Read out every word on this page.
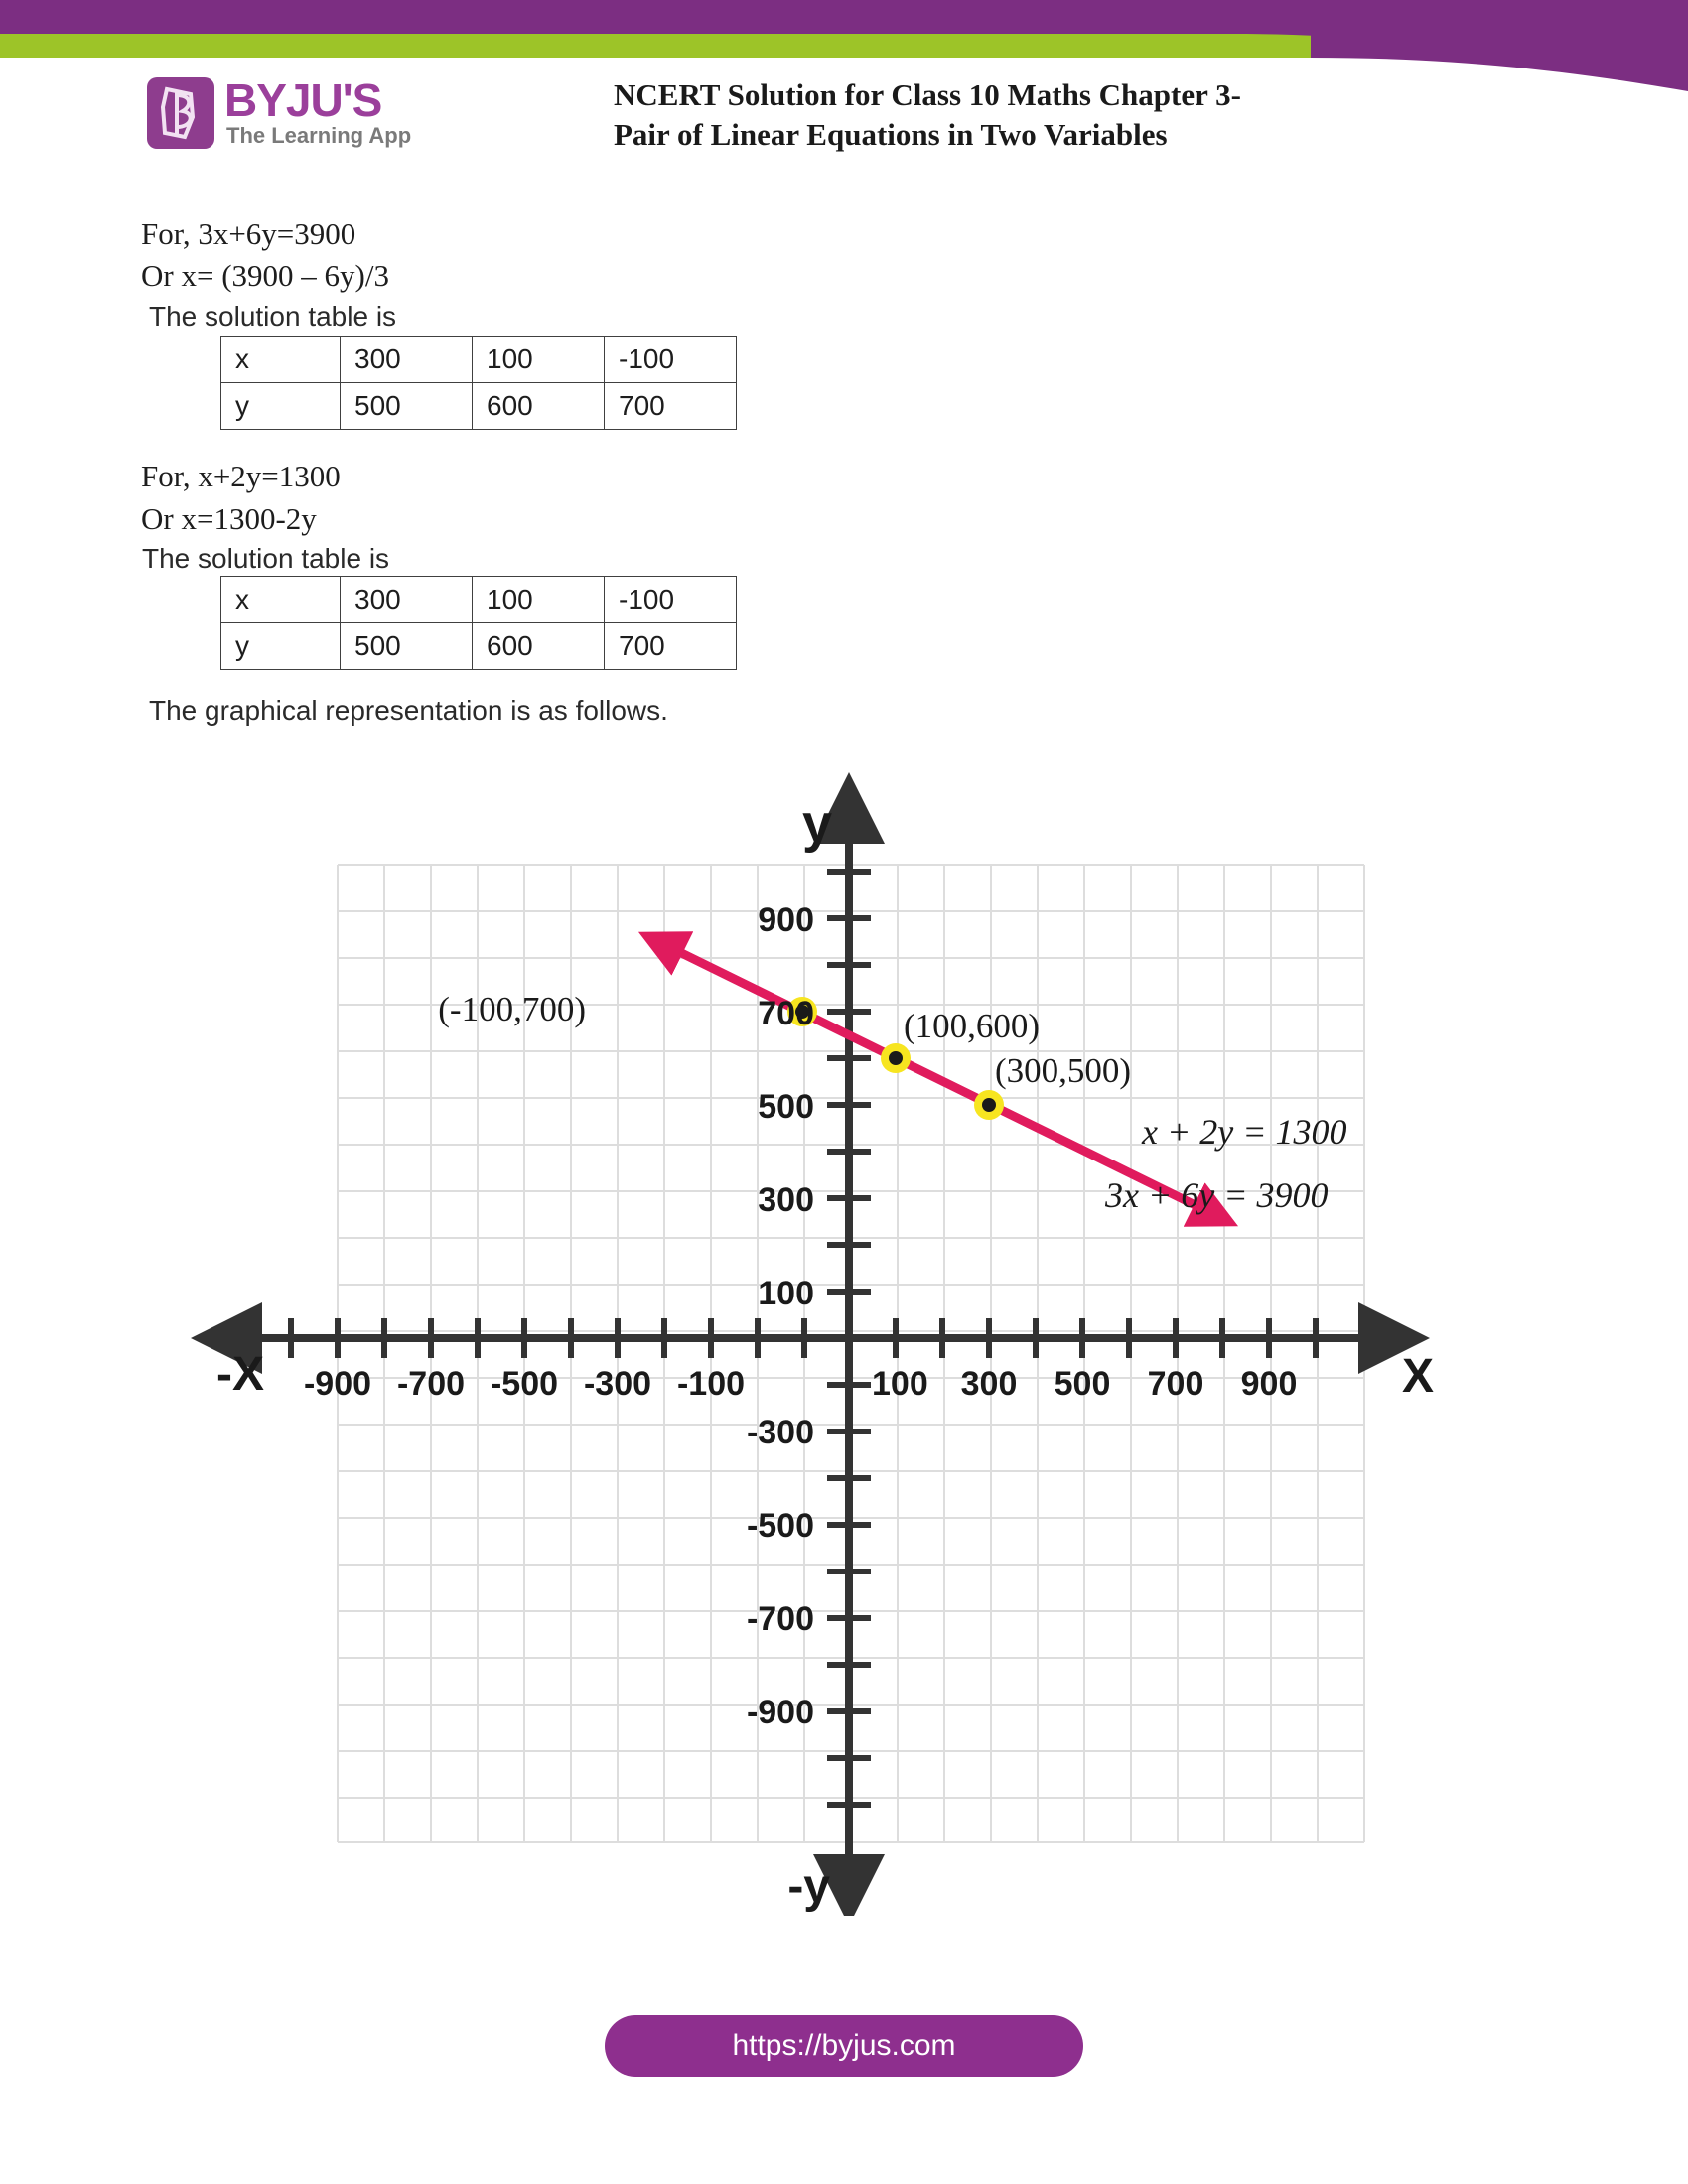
BYJU'S
The Learning App
NCERT Solution for Class 10 Maths Chapter 3-
Pair of Linear Equations in Two Variables
For, 3x+6y=3900
Or x= (3900 – 6y)/3
The solution table is
x	300	100	-100
y	500	600	700
For, x+2y=1300
Or x=1300-2y
The solution table is
x	300	100	-100
y	500	600	700
The graphical representation is as follows.
900
700
500
300
100
-300
-500
-700
-900
-900 -700 -500 -300 -100	100 300 500 700 900
y
-y
-X	X
(-100,700)	(100,600)
(300,500)
x + 2y = 1300
3x + 6y = 3900
https://byjus.com
